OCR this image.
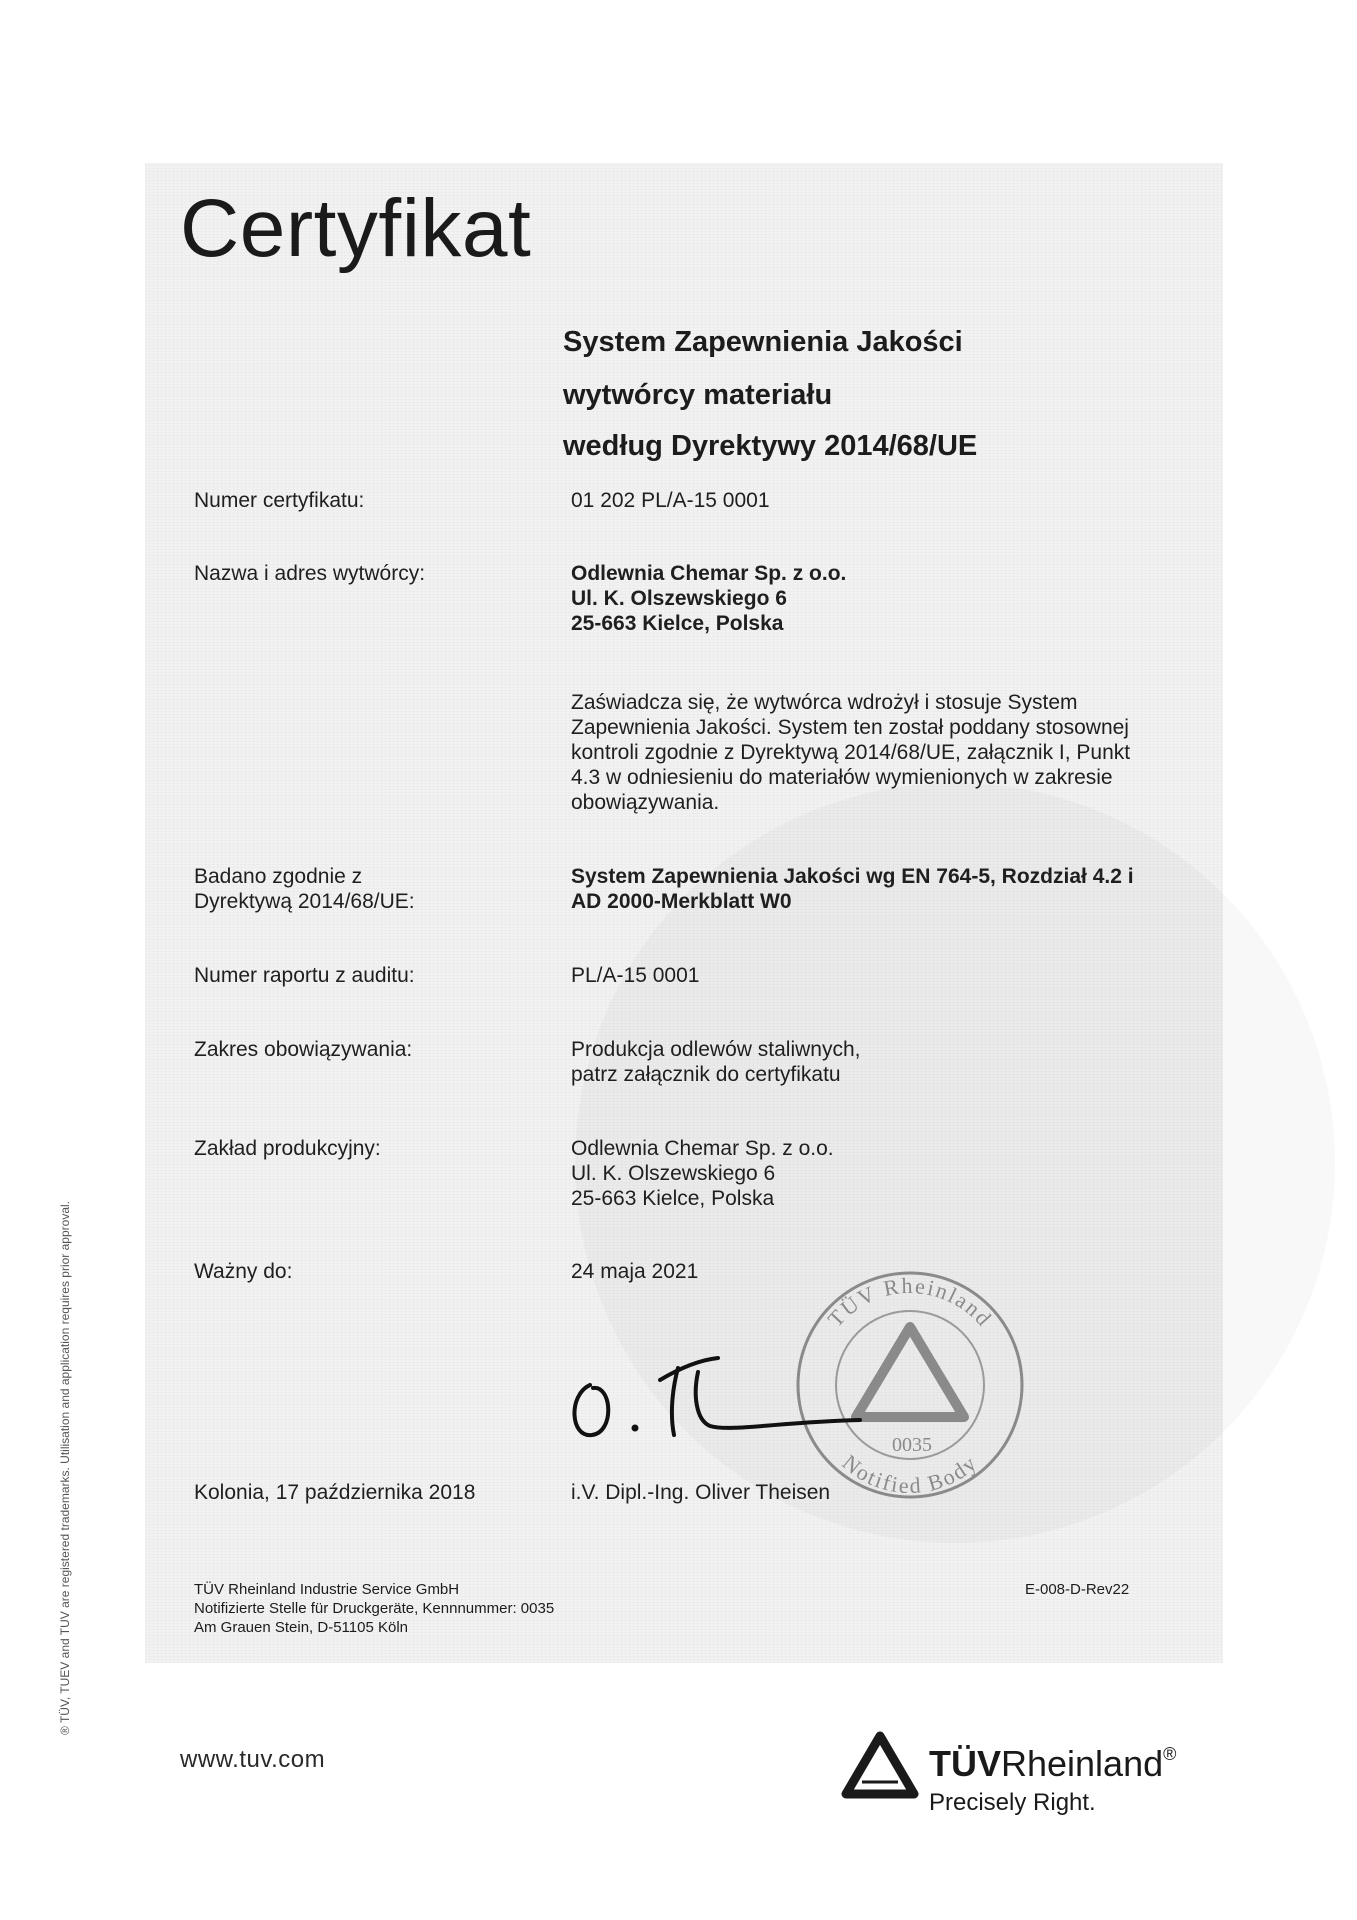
Certyfikat
System Zapewnienia Jakości
wytwórcy materiału
według Dyrektywy 2014/68/UE
Numer certyfikatu:	01 202 PL/A-15 0001
Nazwa i adres wytwórcy:	Odlewnia Chemar Sp. z o.o.
Ul. K. Olszewskiego 6
25-663 Kielce, Polska
Zaświadcza się, że wytwórca wdrożył i stosuje System
Zapewnienia Jakości. System ten został poddany stosownej
kontroli zgodnie z Dyrektywą 2014/68/UE, załącznik I, Punkt
4.3 w odniesieniu do materiałów wymienionych w zakresie
obowiązywania.
Badano zgodnie z
Dyrektywą 2014/68/UE:
System Zapewnienia Jakości wg EN 764-5, Rozdział 4.2 i
AD 2000-Merkblatt W0
Numer raportu z auditu:	PL/A-15 0001
Zakres obowiązywania:	Produkcja odlewów staliwnych,
patrz załącznik do certyfikatu
Zakład produkcyjny:	Odlewnia Chemar Sp. z o.o.
Ul. K. Olszewskiego 6
25-663 Kielce, Polska
Ważny do:	24 maja 2021
TÜV Rheinland
0035
Notified Body
Kolonia, 17 października 2018	i.V. Dipl.-Ing. Oliver Theisen
TÜV Rheinland Industrie Service GmbH
Notifizierte Stelle für Druckgeräte, Kennnummer: 0035
Am Grauen Stein, D-51105 Köln
E-008-D-Rev22
® TÜV, TUEV and TUV are registered trademarks. Utilisation and application requires prior approval.
www.tuv.com	TÜVRheinland®
Precisely Right.
